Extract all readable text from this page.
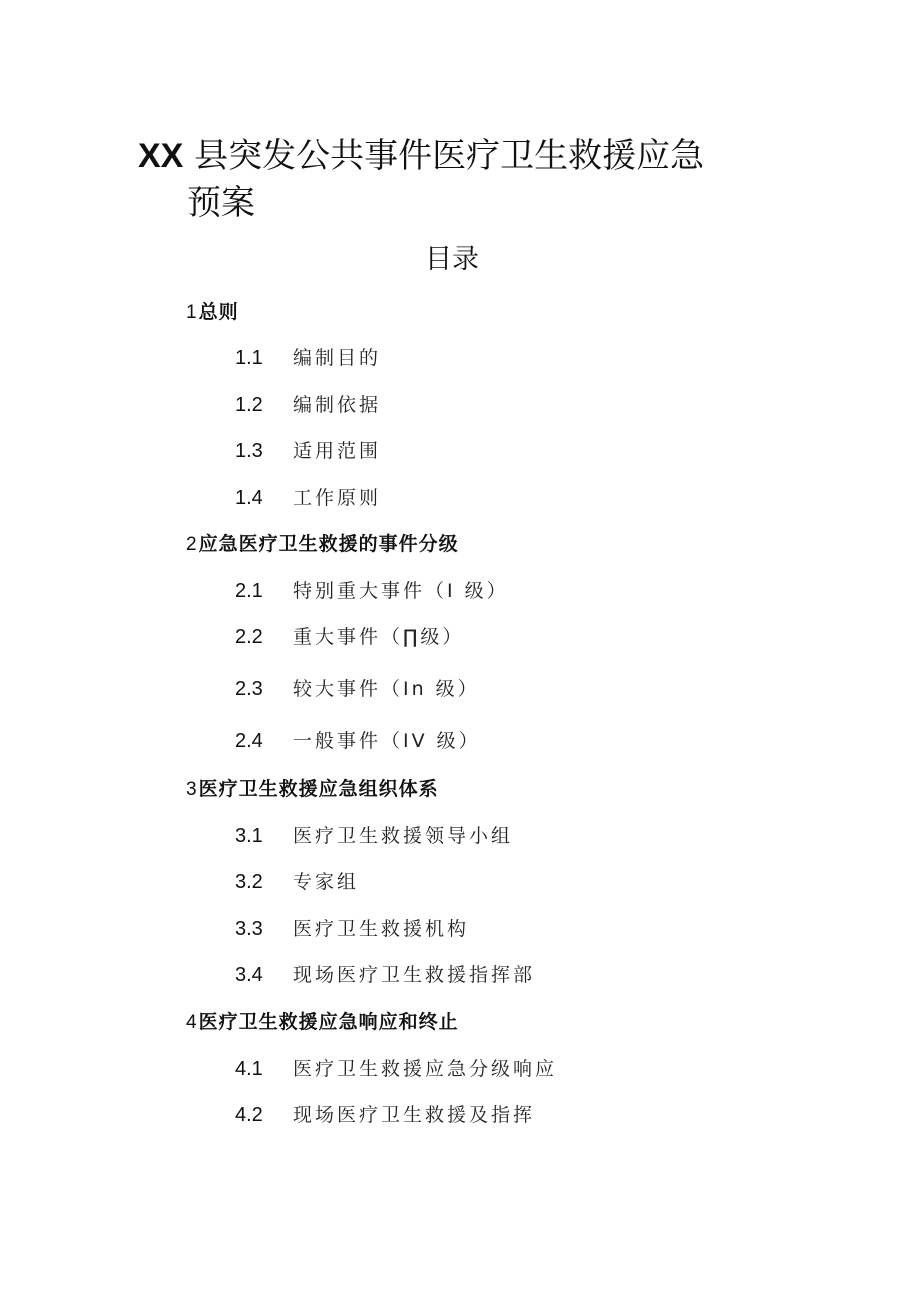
XX 县突发公共事件医疗卫生救援应急
预案
目录
1 总则
1.1 编制目的
1.2 编制依据
1.3 适用范围
1.4 工作原则
2 应急医疗卫生救援的事件分级
2.1 特别重大事件（I 级）
2.2 重大事件（∏级）
2.3 较大事件（In 级）
2.4 一般事件（IV 级）
3 医疗卫生救援应急组织体系
3.1 医疗卫生救援领导小组
3.2 专家组
3.3 医疗卫生救援机构
3.4 现场医疗卫生救援指挥部
4 医疗卫生救援应急响应和终止
4.1 医疗卫生救援应急分级响应
4.2 现场医疗卫生救援及指挥
